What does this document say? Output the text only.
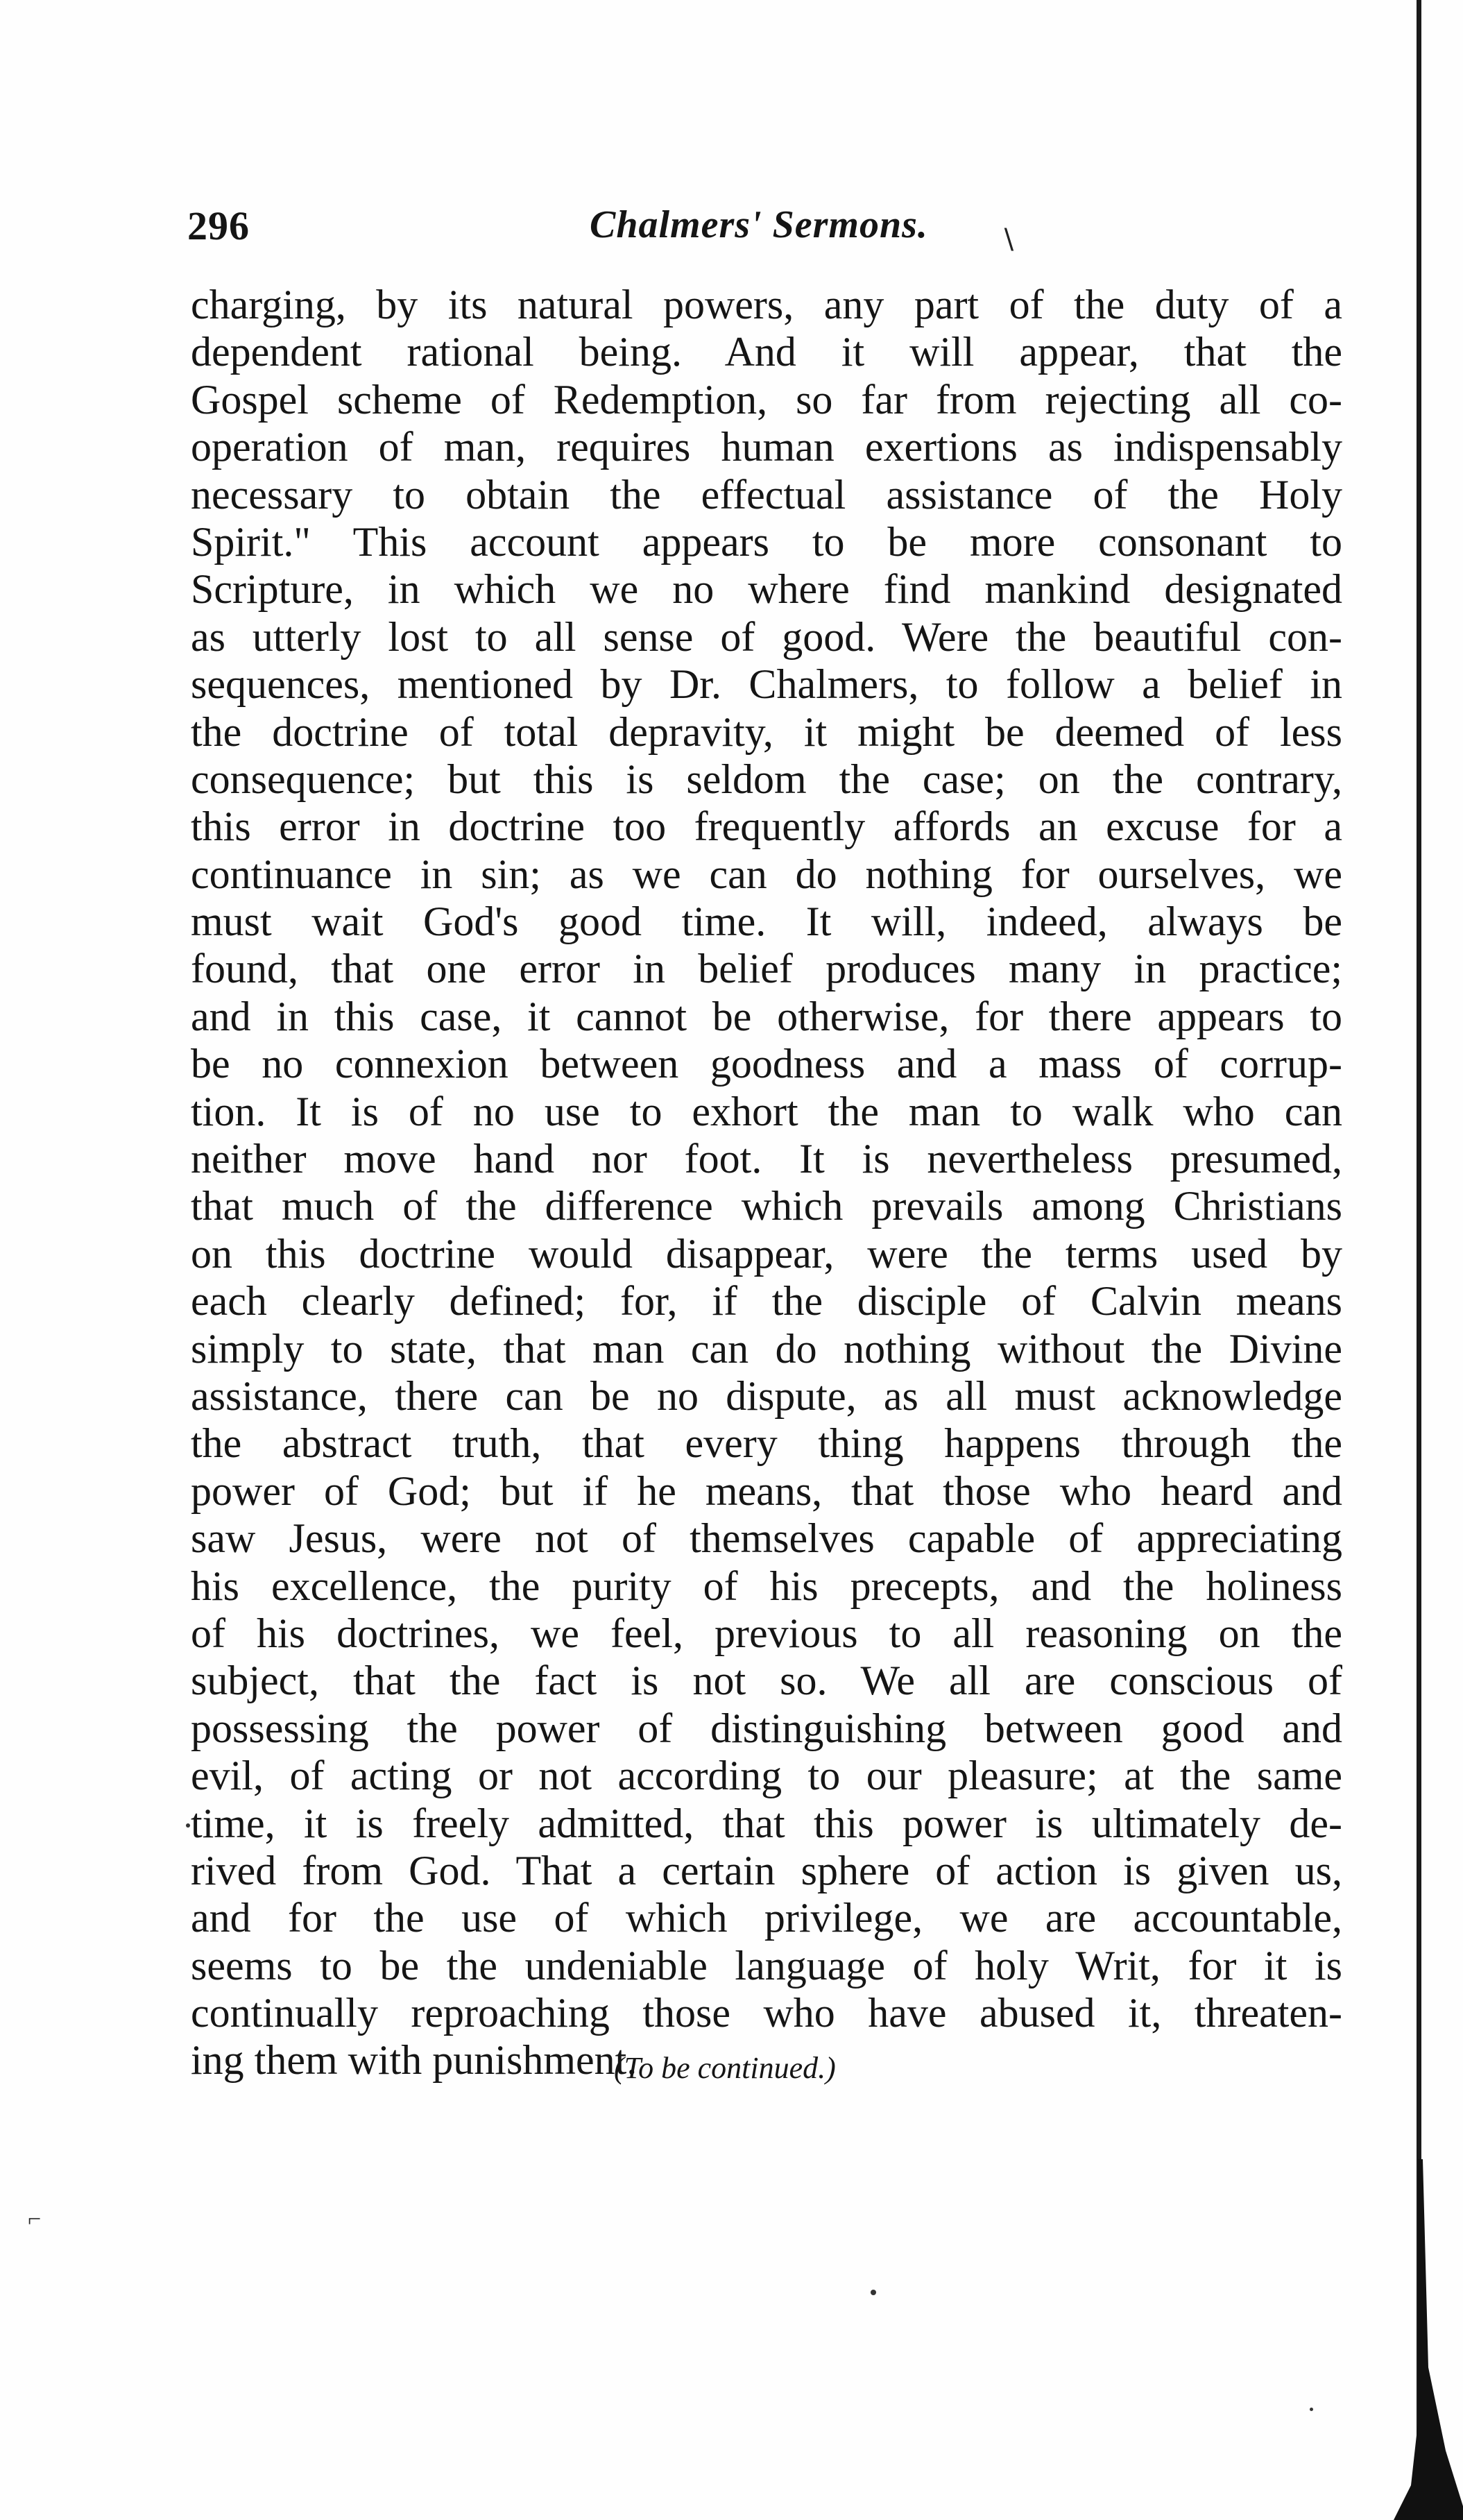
296	Chalmers' Sermons.	∖
⌐
charging, by its natural powers, any part of the duty of a
dependent rational being. And it will appear, that the
Gospel scheme of Redemption, so far from rejecting all co-
operation of man, requires human exertions as indispensably
necessary to obtain the effectual assistance of the Holy
Spirit." This account appears to be more consonant to
Scripture, in which we no where find mankind designated
as utterly lost to all sense of good. Were the beautiful con-
sequences, mentioned by Dr. Chalmers, to follow a belief in
the doctrine of total depravity, it might be deemed of less
consequence; but this is seldom the case; on the contrary,
this error in doctrine too frequently affords an excuse for a
continuance in sin; as we can do nothing for ourselves, we
must wait God's good time. It will, indeed, always be
found, that one error in belief produces many in practice;
and in this case, it cannot be otherwise, for there appears to
be no connexion between goodness and a mass of corrup-
tion. It is of no use to exhort the man to walk who can
neither move hand nor foot. It is nevertheless presumed,
that much of the difference which prevails among Christians
on this doctrine would disappear, were the terms used by
each clearly defined; for, if the disciple of Calvin means
simply to state, that man can do nothing without the Divine
assistance, there can be no dispute, as all must acknowledge
the abstract truth, that every thing happens through the
power of God; but if he means, that those who heard and
saw Jesus, were not of themselves capable of appreciating
his excellence, the purity of his precepts, and the holiness
of his doctrines, we feel, previous to all reasoning on the
subject, that the fact is not so. We all are conscious of
possessing the power of distinguishing between good and
evil, of acting or not according to our pleasure; at the same
time, it is freely admitted, that this power is ultimately de-
rived from God. That a certain sphere of action is given us,
and for the use of which privilege, we are accountable,
seems to be the undeniable language of holy Writ, for it is
continually reproaching those who have abused it, threaten-
ing them with punishment.
(To be continued.)
